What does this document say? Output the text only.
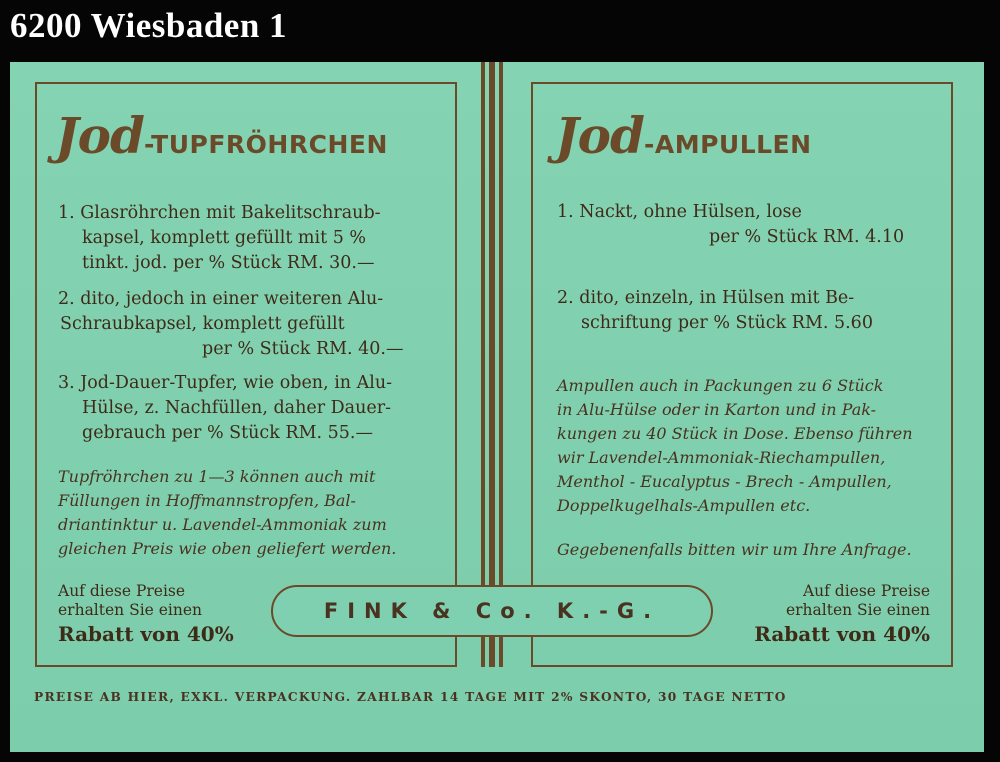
6200 Wiesbaden 1
Jod-TUPFRÖHRCHEN
1. Glasröhrchen mit Bakelitschraub-
kapsel, komplett gefüllt mit 5 %
tinkt. jod. per % Stück RM. 30.—
2. dito, jedoch in einer weiteren Alu-
Schraubkapsel, komplett gefüllt
per % Stück RM. 40.—
3. Jod-Dauer-Tupfer, wie oben, in Alu-
Hülse, z. Nachfüllen, daher Dauer-
gebrauch per % Stück RM. 55.—
Tupfröhrchen zu 1—3 können auch mit
Füllungen in Hoffmannstropfen, Bal-
driantinktur u. Lavendel-Ammoniak zum
gleichen Preis wie oben geliefert werden.
Auf diese Preise
erhalten Sie einen
Rabatt von 40%
Jod-AMPULLEN
1. Nackt, ohne Hülsen, lose
per % Stück RM. 4.10
2. dito, einzeln, in Hülsen mit Be-
schriftung per % Stück RM. 5.60
Ampullen auch in Packungen zu 6 Stück
in Alu-Hülse oder in Karton und in Pak-
kungen zu 40 Stück in Dose. Ebenso führen
wir Lavendel-Ammoniak-Riechampullen,
Menthol - Eucalyptus - Brech - Ampullen,
Doppelkugelhals-Ampullen etc.
Gegebenenfalls bitten wir um Ihre Anfrage.
Auf diese Preise
erhalten Sie einen
Rabatt von 40%
FINK & Co. K.-G.
PREISE AB HIER, EXKL. VERPACKUNG. ZAHLBAR 14 TAGE MIT 2% SKONTO, 30 TAGE NETTO
